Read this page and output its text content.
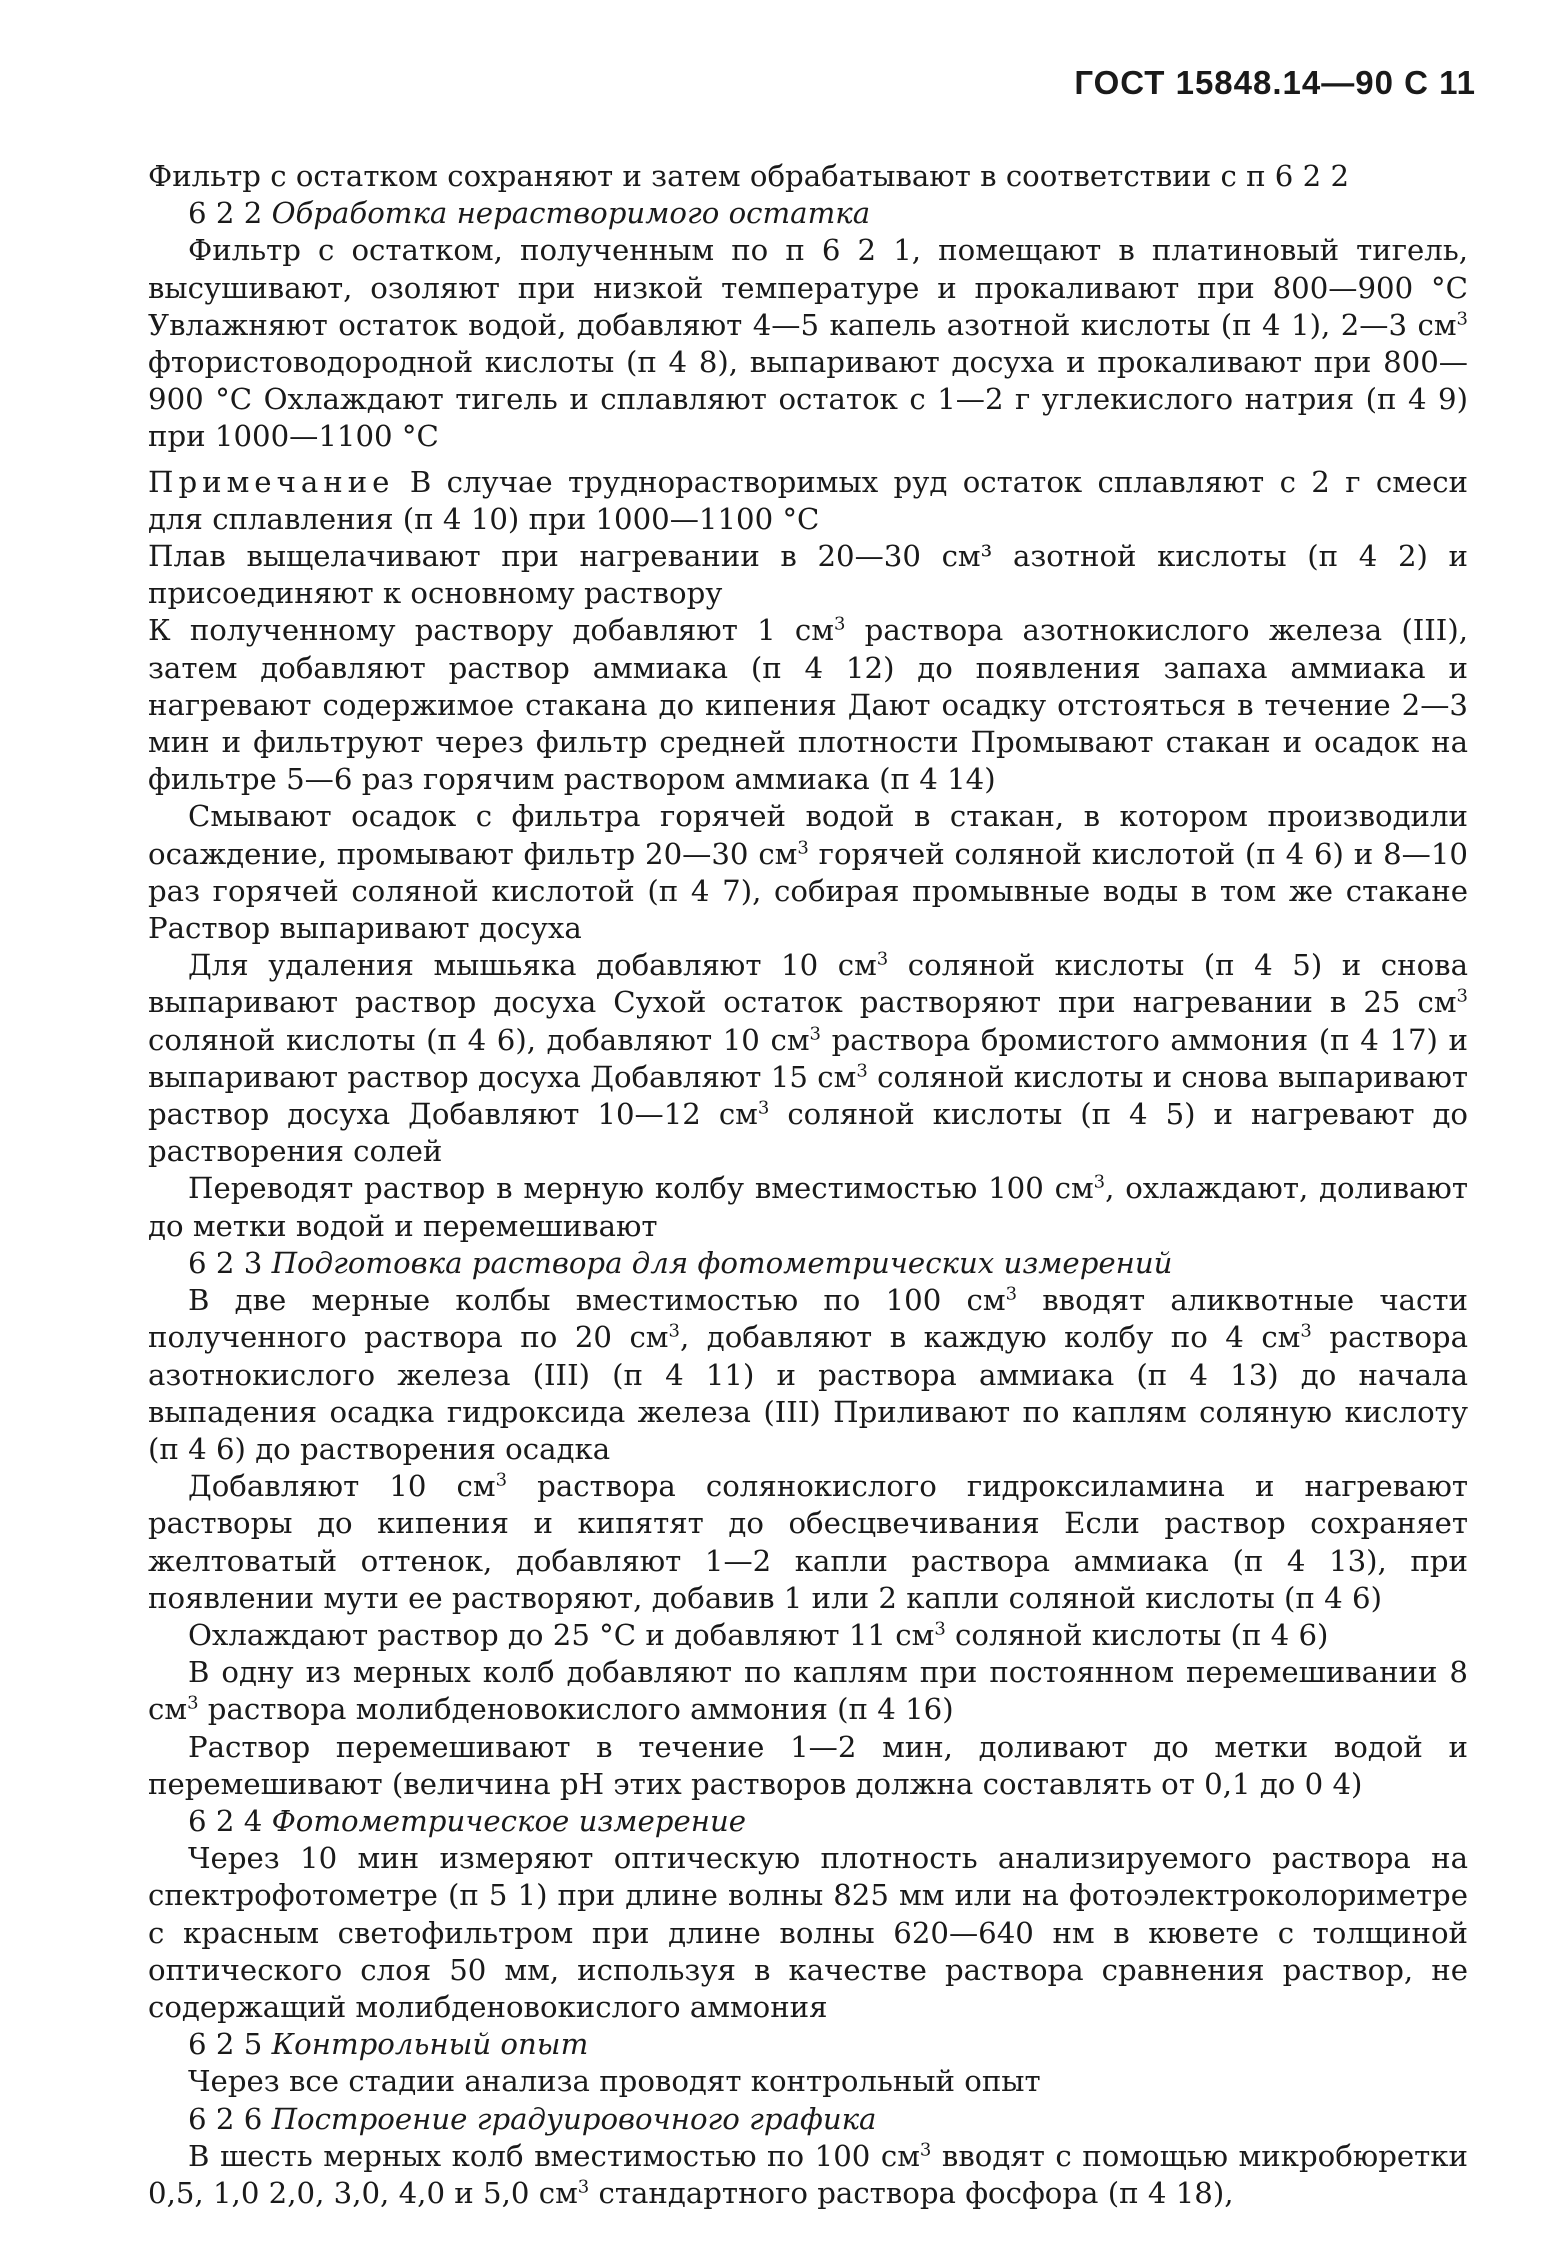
ГОСТ 15848.14—90 С 11

Фильтр с остатком сохраняют и затем обрабатывают в соответствии с п 6 2 2

6 2 2 Обработка нерастворимого остатка

Фильтр с остатком, полученным по п 6 2 1, помещают в платиновый тигель, высушивают, озоляют при низкой температуре и прокаливают при 800—900 °С Увлажняют остаток водой, добавляют 4—5 капель азотной кислоты (п 4 1), 2—3 $см^3$ фтористоводородной кислоты (п 4 8), выпаривают досуха и прокаливают при 800—900 °С Охлаждают тигель и сплавляют остаток с 1—2 г углекислого натрия (п 4 9) при 1000—1100 °С

Примечание В случае труднорастворимых руд остаток сплавляют с 2 г смеси для сплавления (п 4 10) при 1000—1100 °С

Плав выщелачивают при нагревании в 20—30 см³ азотной кислоты (п 4 2) и присоединяют к основному раствору

К полученному раствору добавляют 1 $см^3$ раствора азотнокислого железа (III), затем добавляют раствор аммиака (п 4 12) до появления запаха аммиака и нагревают содержимое стакана до кипения Дают осадку отстояться в течение 2—3 мин и фильтруют через фильтр средней плотности Промывают стакан и осадок на фильтре 5—6 раз горячим раствором аммиака (п 4 14)

Смывают осадок с фильтра горячей водой в стакан, в котором производили осаждение, промывают фильтр 20—30 $см^3$ горячей соляной кислотой (п 4 6) и 8—10 раз горячей соляной кислотой (п 4 7), собирая промывные воды в том же стакане Раствор выпаривают досуха

Для удаления мышьяка добавляют 10 $см^3$ соляной кислоты (п 4 5) и снова выпаривают раствор досуха Сухой остаток растворяют при нагревании в 25 $см^3$ соляной кислоты (п 4 6), добавляют 10 $см^3$ раствора бромистого аммония (п 4 17) и выпаривают раствор досуха Добавляют 15 $см^3$ соляной кислоты и снова выпаривают раствор досуха Добавляют 10—12 $см^3$ соляной кислоты (п 4 5) и нагревают до растворения солей

Переводят раствор в мерную колбу вместимостью 100 $см^3$, охлаждают, доливают до метки водой и перемешивают

6 2 3 Подготовка раствора для фотометрических измерений

В две мерные колбы вместимостью по 100 $см^3$ вводят аликвотные части полученного раствора по 20 $см^3$, добавляют в каждую колбу по 4 $см^3$ раствора азотнокислого железа (III) (п 4 11) и раствора аммиака (п 4 13) до начала выпадения осадка гидроксида железа (III) Приливают по каплям соляную кислоту (п 4 6) до растворения осадка

Добавляют 10 $см^3$ раствора солянокислого гидроксиламина и нагревают растворы до кипения и кипятят до обесцвечивания Если раствор сохраняет желтоватый оттенок, добавляют 1—2 капли раствора аммиака (п 4 13), при появлении мути ее растворяют, добавив 1 или 2 капли соляной кислоты (п 4 6)

Охлаждают раствор до 25 °С и добавляют 11 $см^3$ соляной кислоты (п 4 6)

В одну из мерных колб добавляют по каплям при постоянном перемешивании 8 $см^3$ раствора молибденовокислого аммония (п 4 16)

Раствор перемешивают в течение 1—2 мин, доливают до метки водой и перемешивают (величина рН этих растворов должна составлять от 0,1 до 0 4)

6 2 4 Фотометрическое измерение

Через 10 мин измеряют оптическую плотность анализируемого раствора на спектрофотометре (п 5 1) при длине волны 825 мм или на фотоэлектроколориметре с красным светофильтром при длине волны 620—640 нм в кювете с толщиной оптического слоя 50 мм, используя в качестве раствора сравнения раствор, не содержащий молибденовокислого аммония

6 2 5 Контрольный опыт

Через все стадии анализа проводят контрольный опыт

6 2 6 Построение градуировочного графика

В шесть мерных колб вместимостью по 100 $см^3$ вводят с помощью микробюретки 0,5, 1,0 2,0, 3,0, 4,0 и 5,0 $см^3$ стандартного раствора фосфора (п 4 18),
